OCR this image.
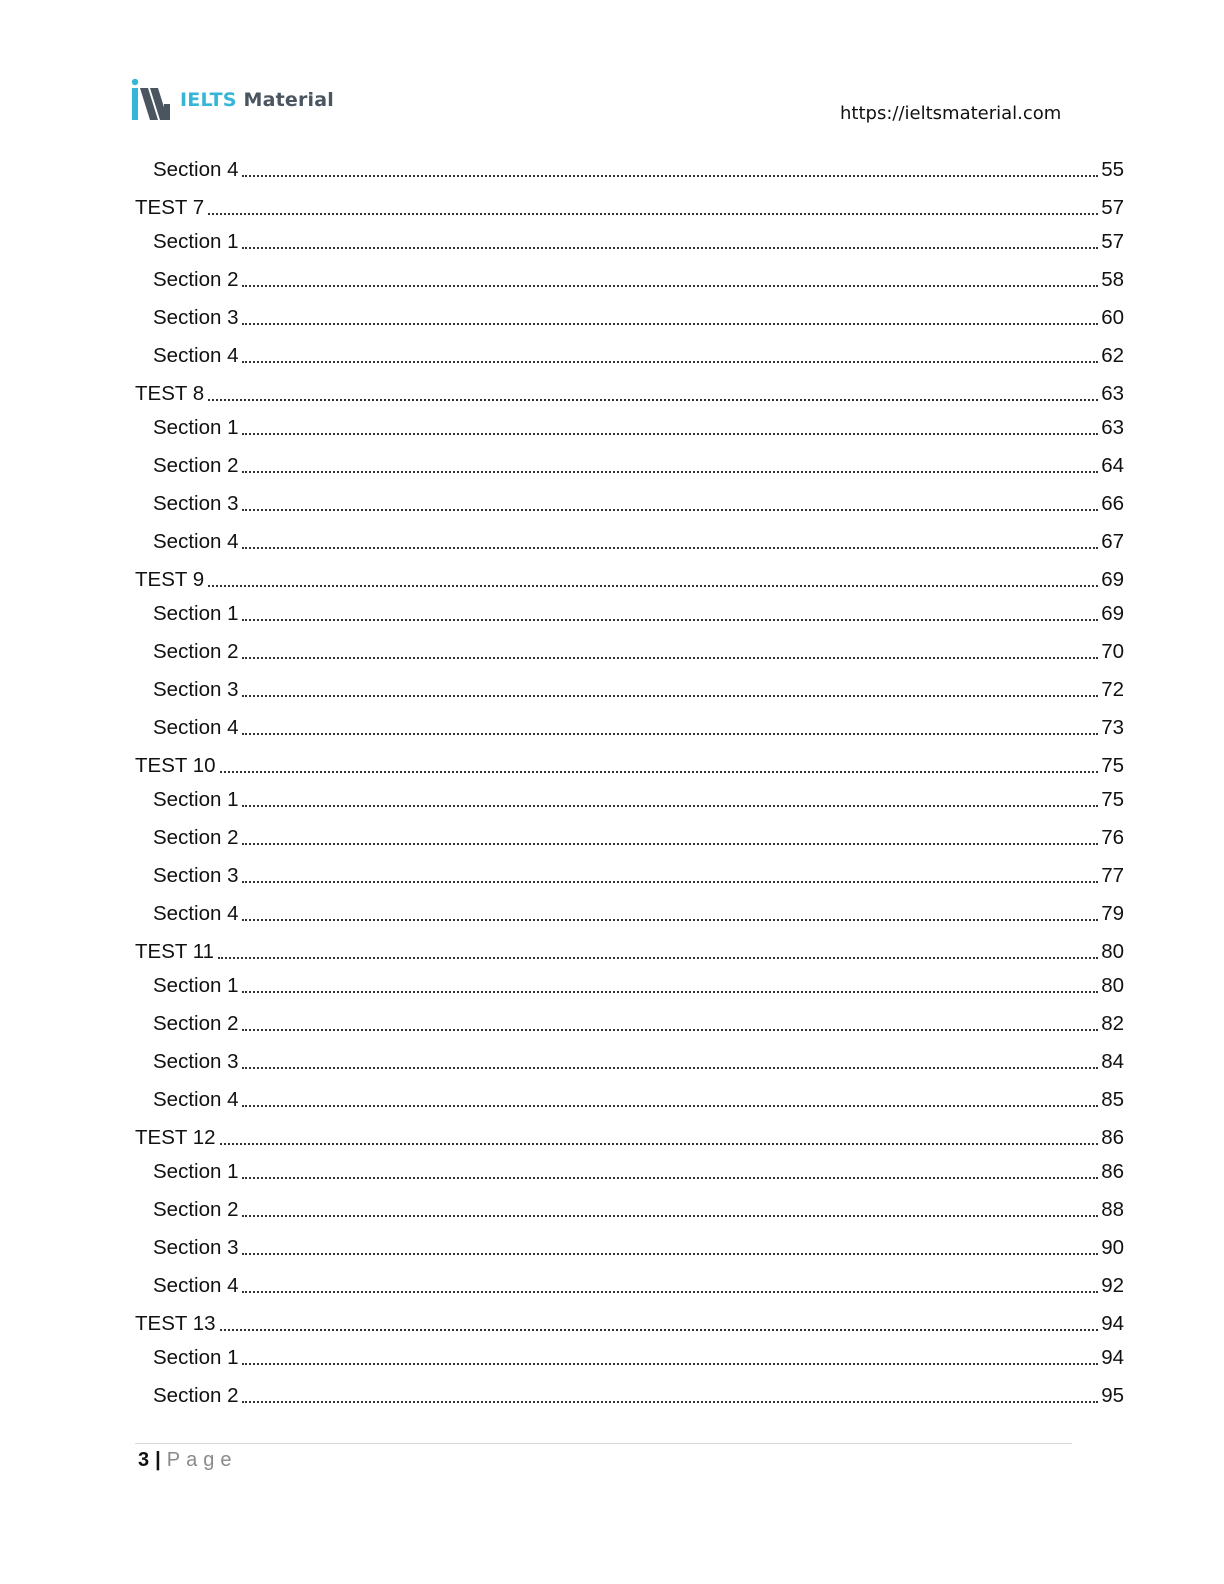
IELTS Material
https://ieltsmaterial.com
Section 4	55
TEST 7	57
Section 1	57
Section 2	58
Section 3	60
Section 4	62
TEST 8	63
Section 1	63
Section 2	64
Section 3	66
Section 4	67
TEST 9	69
Section 1	69
Section 2	70
Section 3	72
Section 4	73
TEST 10	75
Section 1	75
Section 2	76
Section 3	77
Section 4	79
TEST 11	80
Section 1	80
Section 2	82
Section 3	84
Section 4	85
TEST 12	86
Section 1	86
Section 2	88
Section 3	90
Section 4	92
TEST 13	94
Section 1	94
Section 2	95
3 | Page
